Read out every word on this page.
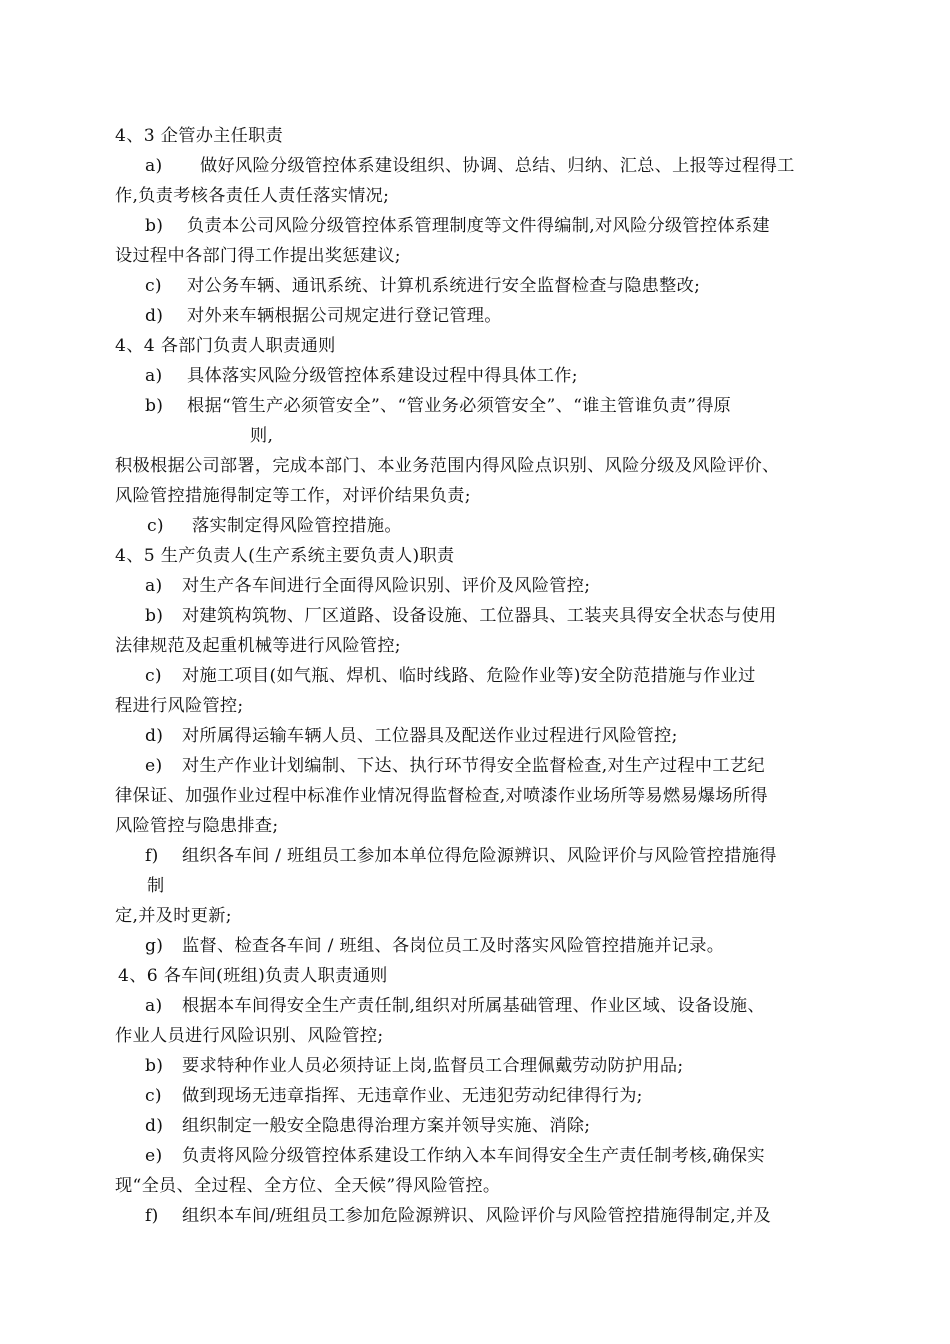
4、3 企管办主任职责
a) 做好风险分级管控体系建设组织、协调、总结、归纳、汇总、上报等过程得工
作,负责考核各责任人责任落实情况;
b) 负责本公司风险分级管控体系管理制度等文件得编制,对风险分级管控体系建
设过程中各部门得工作提出奖惩建议;
c) 对公务车辆、通讯系统、计算机系统进行安全监督检查与隐患整改;
d) 对外来车辆根据公司规定进行登记管理。
4、4 各部门负责人职责通则
a) 具体落实风险分级管控体系建设过程中得具体工作;
b) 根据“管生产必须管安全”、“管业务必须管安全”、“谁主管谁负责”得原
则,
积极根据公司部署，完成本部门、本业务范围内得风险点识别、风险分级及风险评价、
风险管控措施得制定等工作，对评价结果负责;
c) 落实制定得风险管控措施。
4、5 生产负责人(生产系统主要负责人)职责
a) 对生产各车间进行全面得风险识别、评价及风险管控;
b) 对建筑构筑物、厂区道路、设备设施、工位器具、工装夹具得安全状态与使用
法律规范及起重机械等进行风险管控;
c) 对施工项目(如气瓶、焊机、临时线路、危险作业等)安全防范措施与作业过
程进行风险管控;
d) 对所属得运输车辆人员、工位器具及配送作业过程进行风险管控;
e) 对生产作业计划编制、下达、执行环节得安全监督检查,对生产过程中工艺纪
律保证、加强作业过程中标准作业情况得监督检查,对喷漆作业场所等易燃易爆场所得
风险管控与隐患排查;
f) 组织各车间 / 班组员工参加本单位得危险源辨识、风险评价与风险管控措施得
制
定,并及时更新;
g) 监督、检查各车间 / 班组、各岗位员工及时落实风险管控措施并记录。
4、6 各车间(班组)负责人职责通则
a) 根据本车间得安全生产责任制,组织对所属基础管理、作业区域、设备设施、
作业人员进行风险识别、风险管控;
b) 要求特种作业人员必须持证上岗,监督员工合理佩戴劳动防护用品;
c) 做到现场无违章指挥、无违章作业、无违犯劳动纪律得行为;
d) 组织制定一般安全隐患得治理方案并领导实施、消除;
e) 负责将风险分级管控体系建设工作纳入本车间得安全生产责任制考核,确保实
现“全员、全过程、全方位、全天候”得风险管控。
f) 组织本车间/班组员工参加危险源辨识、风险评价与风险管控措施得制定,并及
